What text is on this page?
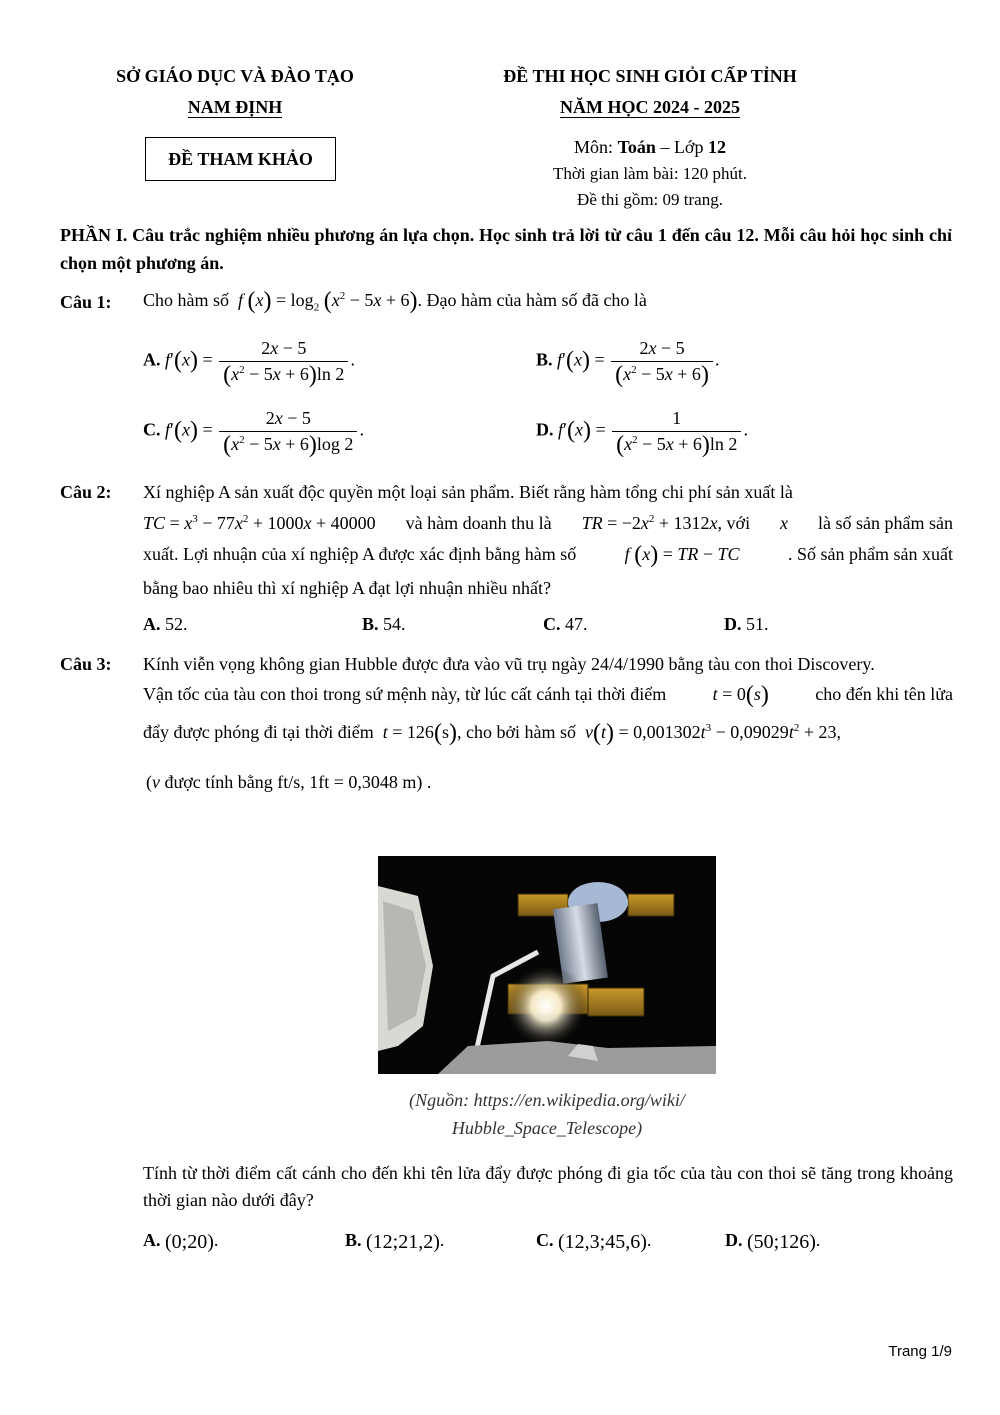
SỞ GIÁO DỤC VÀ ĐÀO TẠO
NAM ĐỊNH
ĐỀ THAM KHẢO
ĐỀ THI HỌC SINH GIỎI CẤP TỈNH
NĂM HỌC 2024 - 2025
Môn: Toán – Lớp 12
Thời gian làm bài: 120 phút.
Đề thi gồm: 09 trang.
PHẦN I. Câu trắc nghiệm nhiều phương án lựa chọn. Học sinh trả lời từ câu 1 đến câu 12. Mỗi câu hỏi học sinh chỉ chọn một phương án.
Câu 1: Cho hàm số f $(x) = \log_2 (x^2 - 5x + 6)$. Đạo hàm của hàm số đã cho là
A. $f'(x) = \frac{2x - 5}{(x^2 - 5x + 6)\ln 2}$ .	B. $f'(x) = \frac{2x - 5}{(x^2 - 5x + 6)}$ .
C. $f'(x) = \frac{2x - 5}{(x^2 - 5x + 6)\log 2}$ .	D. $f'(x) = \frac{1}{(x^2 - 5x + 6)\ln 2}$ .
Câu 2: Xí nghiệp A sản xuất độc quyền một loại sản phẩm. Biết rằng hàm tổng chi phí sản xuất là
TC = $x^3 - 77x^2 + 1000x + 40000$ và hàm doanh thu là TR = $-2x^2 + 1312x$, với x là số sản phẩm sản
xuất. Lợi nhuận của xí nghiệp A được xác định bằng hàm số	f (x) = TR − TC	. Số sản phẩm sản xuất
bằng bao nhiêu thì xí nghiệp A đạt lợi nhuận nhiều nhất?
A. 52.	B. 54.	C. 47.	D. 51.
Câu 3: Kính viễn vọng không gian Hubble được đưa vào vũ trụ ngày 24/4/1990 bằng tàu con thoi Discovery.
Vận tốc của tàu con thoi trong sứ mệnh này, từ lúc cất cánh tại thời điểm	t = 0(s)	cho đến khi tên lửa
đẩy được phóng đi tại thời điểm t = 126(s), cho bởi hàm số $v(t) = 0,001302t^3 - 0,09029t^2 + 23$,
(v được tính bằng ft/s, 1ft = 0,3048 m) .
(Nguồn: https://en.wikipedia.org/wiki/
Hubble_Space_Telescope)
Tính từ thời điểm cất cánh cho đến khi tên lửa đẩy được phóng đi gia tốc của tàu con thoi sẽ tăng trong khoảng thời gian nào dưới đây?
A. (0;20).	B. (12;21,2).	C. (12,3;45,6).	D. (50;126).
Trang 1/9
